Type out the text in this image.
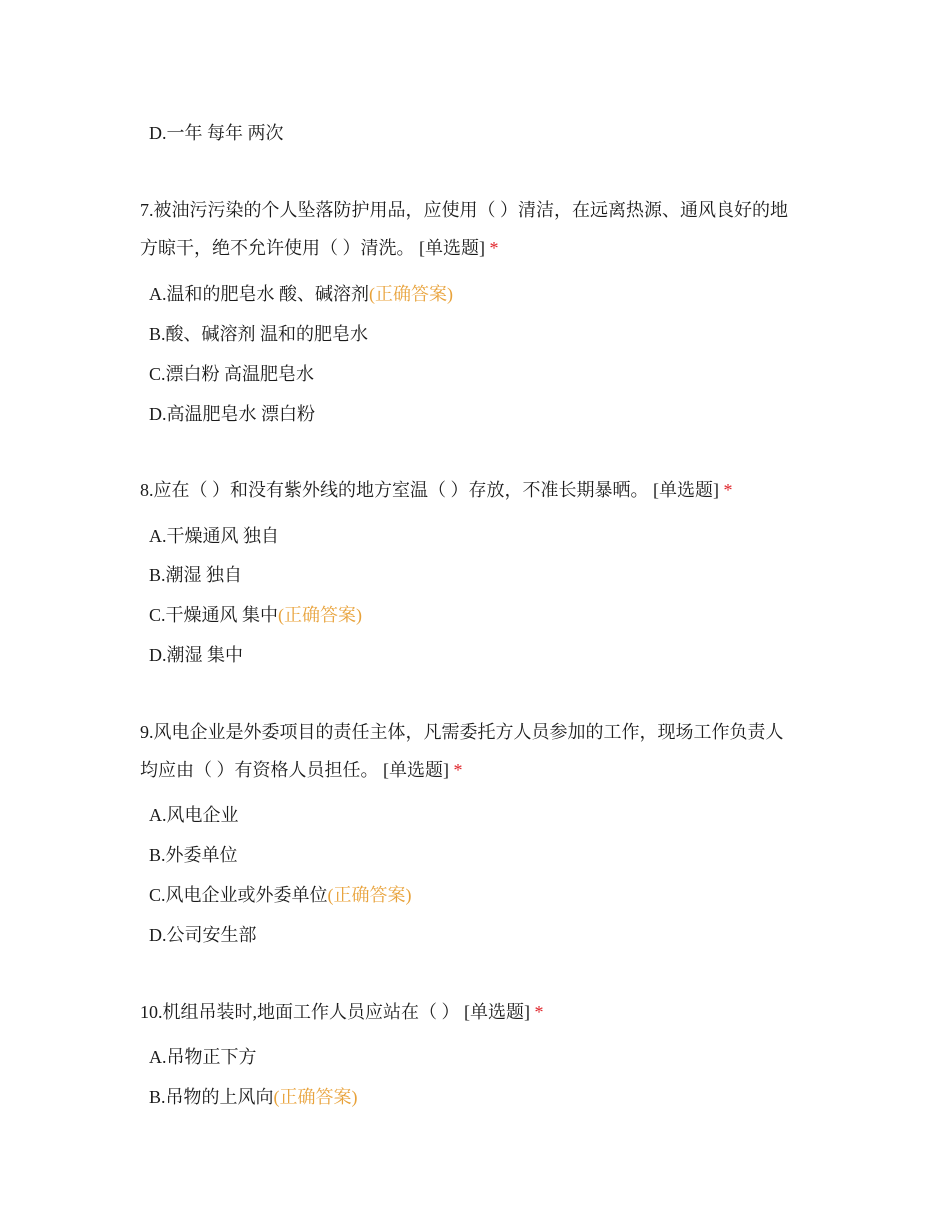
D.一年 每年 两次
7.被油污污染的个人坠落防护用品，应使用（ ）清洁，在远离热源、通风良好的地
方晾干，绝不允许使用（ ）清洗。 [单选题] *
A.温和的肥皂水 酸、碱溶剂(正确答案)
B.酸、碱溶剂 温和的肥皂水
C.漂白粉 高温肥皂水
D.高温肥皂水 漂白粉
8.应在（ ）和没有紫外线的地方室温（ ）存放，不准长期暴晒。 [单选题] *
A.干燥通风 独自
B.潮湿 独自
C.干燥通风 集中(正确答案)
D.潮湿 集中
9.风电企业是外委项目的责任主体，凡需委托方人员参加的工作，现场工作负责人
均应由（ ）有资格人员担任。 [单选题] *
A.风电企业
B.外委单位
C.风电企业或外委单位(正确答案)
D.公司安生部
10.机组吊装时,地面工作人员应站在（ ） [单选题] *
A.吊物正下方
B.吊物的上风向(正确答案)
